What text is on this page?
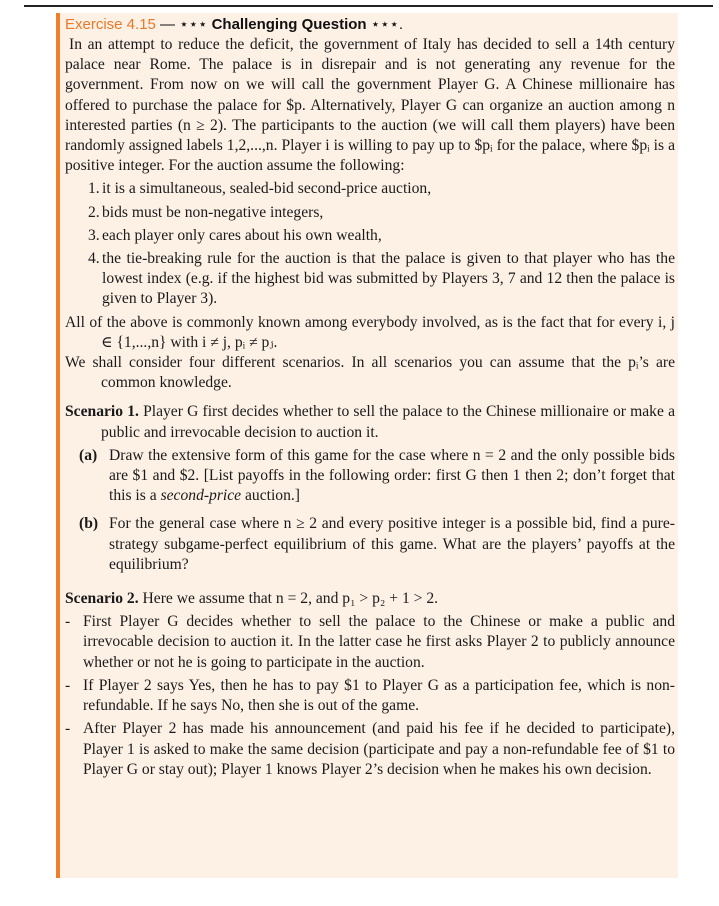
Exercise 4.15 — ⋆⋆⋆ Challenging Question ⋆⋆⋆.
In an attempt to reduce the deficit, the government of Italy has decided to sell a 14th century palace near Rome. The palace is in disrepair and is not generating any revenue for the government. From now on we will call the government Player G. A Chinese millionaire has offered to purchase the palace for $p. Alternatively, Player G can organize an auction among n interested parties (n ≥ 2). The participants to the auction (we will call them players) have been randomly assigned labels 1,2,...,n. Player i is willing to pay up to $pᵢ for the palace, where $pᵢ is a positive integer. For the auction assume the following:
1. it is a simultaneous, sealed-bid second-price auction,
2. bids must be non-negative integers,
3. each player only cares about his own wealth,
4. the tie-breaking rule for the auction is that the palace is given to that player who has the lowest index (e.g. if the highest bid was submitted by Players 3, 7 and 12 then the palace is given to Player 3).
All of the above is commonly known among everybody involved, as is the fact that for every i, j ∈ {1,...,n} with i ≠ j, pᵢ ≠ pⱼ.
We shall consider four different scenarios. In all scenarios you can assume that the pᵢ’s are common knowledge.
Scenario 1. Player G first decides whether to sell the palace to the Chinese millionaire or make a public and irrevocable decision to auction it.
(a) Draw the extensive form of this game for the case where n = 2 and the only possible bids are $1 and $2. [List payoffs in the following order: first G then 1 then 2; don’t forget that this is a second-price auction.]
(b) For the general case where n ≥ 2 and every positive integer is a possible bid, find a pure-strategy subgame-perfect equilibrium of this game. What are the players’ payoffs at the equilibrium?
Scenario 2. Here we assume that n = 2, and p₁ > p₂ + 1 > 2.
- First Player G decides whether to sell the palace to the Chinese or make a public and irrevocable decision to auction it. In the latter case he first asks Player 2 to publicly announce whether or not he is going to participate in the auction.
- If Player 2 says Yes, then he has to pay $1 to Player G as a participation fee, which is non-refundable. If he says No, then she is out of the game.
- After Player 2 has made his announcement (and paid his fee if he decided to participate), Player 1 is asked to make the same decision (participate and pay a non-refundable fee of $1 to Player G or stay out); Player 1 knows Player 2’s decision when he makes his own decision.
